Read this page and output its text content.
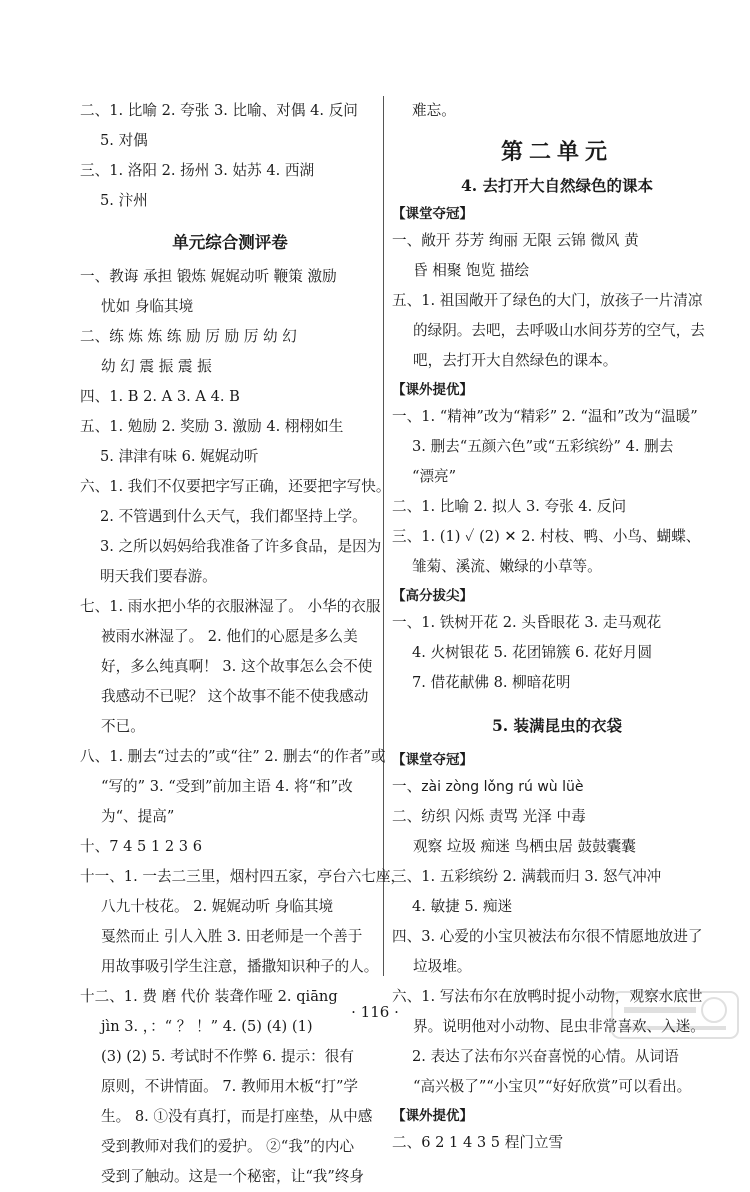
二、1. 比喻 2. 夸张 3. 比喻、对偶 4. 反问
5. 对偶
三、1. 洛阳 2. 扬州 3. 姑苏 4. 西湖
5. 汴州
单元综合测评卷
一、教诲 承担 锻炼 娓娓动听 鞭策 激励
忧如 身临其境
二、练 炼 炼 练 励 厉 励 厉 幼 幻
幼 幻 震 振 震 振
四、1. B 2. A 3. A 4. B
五、1. 勉励 2. 奖励 3. 激励 4. 栩栩如生
5. 津津有味 6. 娓娓动听
六、1. 我们不仅要把字写正确，还要把字写快。
2. 不管遇到什么天气，我们都坚持上学。
3. 之所以妈妈给我准备了许多食品，是因为
明天我们要春游。
七、1. 雨水把小华的衣服淋湿了。 小华的衣服
被雨水淋湿了。 2. 他们的心愿是多么美
好，多么纯真啊！ 3. 这个故事怎么会不使
我感动不已呢？ 这个故事不能不使我感动
不已。
八、1. 删去“过去的”或“往” 2. 删去“的作者”或
“写的” 3. “受到”前加主语 4. 将“和”改
为“、提高”
十、7 4 5 1 2 3 6
十一、1. 一去二三里，烟村四五家，亭台六七座，
八九十枝花。 2. 娓娓动听 身临其境
戛然而止 引人入胜 3. 田老师是一个善于
用故事吸引学生注意，播撒知识种子的人。
十二、1. 费 磨 代价 装聋作哑 2. qiāng
jìn 3. ，：“ ？ ！” 4. (5) (4) (1)
(3) (2) 5. 考试时不作弊 6. 提示：很有
原则，不讲情面。 7. 教师用木板“打”学
生。 8. ①没有真打，而是打座垫，从中感
受到教师对我们的爱护。 ②“我”的内心
受到了触动。这是一个秘密，让“我”终身
难忘。
第二单元
4. 去打开大自然绿色的课本
【课堂夺冠】
一、敞开 芬芳 绚丽 无限 云锦 微风 黄
昏 相聚 饱览 描绘
五、1. 祖国敞开了绿色的大门，放孩子一片清凉
的绿阴。去吧，去呼吸山水间芬芳的空气，去
吧，去打开大自然绿色的课本。
【课外提优】
一、1. “精神”改为“精彩” 2. “温和”改为“温暖”
3. 删去“五颜六色”或“五彩缤纷” 4. 删去
“漂亮”
二、1. 比喻 2. 拟人 3. 夸张 4. 反问
三、1. (1) ✓ (2) ✕ 2. 村枝、鸭、小鸟、蝴蝶、
雏菊、溪流、嫩绿的小草等。
【高分拔尖】
一、1. 铁树开花 2. 头昏眼花 3. 走马观花
4. 火树银花 5. 花团锦簇 6. 花好月圆
7. 借花献佛 8. 柳暗花明
5. 装满昆虫的衣袋
【课堂夺冠】
一、zài zòng lǒng rú wù lüè
二、纺织 闪烁 责骂 光泽 中毒
观察 垃圾 痴迷 鸟栖虫居 鼓鼓囊囊
三、1. 五彩缤纷 2. 满载而归 3. 怒气冲冲
4. 敏捷 5. 痴迷
四、3. 心爱的小宝贝被法布尔很不情愿地放进了
垃圾堆。
六、1. 写法布尔在放鸭时捉小动物，观察水底世
界。说明他对小动物、昆虫非常喜欢、入迷。
2. 表达了法布尔兴奋喜悦的心情。从词语
“高兴极了”“小宝贝”“好好欣赏”可以看出。
【课外提优】
二、6 2 1 4 3 5 程门立雪
· 116 ·
